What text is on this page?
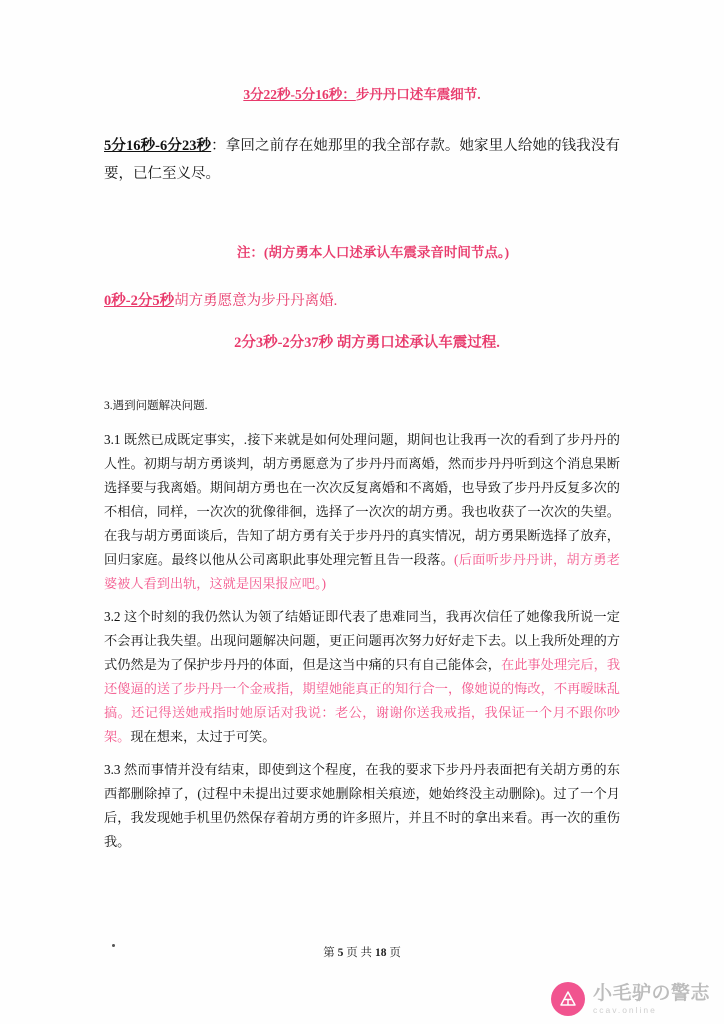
3分22秒-5分16秒：步丹丹口述车震细节.

5分16秒-6分23秒：拿回之前存在她那里的我全部存款。她家里人给她的钱我没有要，已仁至义尽。

注：(胡方勇本人口述承认车震录音时间节点。)

0秒-2分5秒胡方勇愿意为步丹丹离婚.

2分3秒-2分37秒 胡方勇口述承认车震过程.

3.遇到问题解决问题.

3.1 既然已成既定事实，.接下来就是如何处理问题，期间也让我再一次的看到了步丹丹的人性。初期与胡方勇谈判，胡方勇愿意为了步丹丹而离婚，然而步丹丹听到这个消息果断选择要与我离婚。期间胡方勇也在一次次反复离婚和不离婚，也导致了步丹丹反复多次的不相信，同样，一次次的犹像徘徊，选择了一次次的胡方勇。我也收获了一次次的失望。在我与胡方勇面谈后，告知了胡方勇有关于步丹丹的真实情况，胡方勇果断选择了放弃，回归家庭。最终以他从公司离职此事处理完暂且告一段落。(后面听步丹丹讲，胡方勇老婆被人看到出轨，这就是因果报应吧。)

3.2 这个时刻的我仍然认为领了结婚证即代表了患难同当，我再次信任了她像我所说一定不会再让我失望。出现问题解决问题，更正问题再次努力好好走下去。以上我所处理的方式仍然是为了保护步丹丹的体面，但是这当中痛的只有自己能体会，在此事处理完后，我还傻逼的送了步丹丹一个金戒指，期望她能真正的知行合一，像她说的悔改，不再暧昧乱搞。还记得送她戒指时她原话对我说：老公，谢谢你送我戒指，我保证一个月不跟你吵架。现在想来，太过于可笑。

3.3 然而事情并没有结束，即使到这个程度，在我的要求下步丹丹表面把有关胡方勇的东西都删除掉了，(过程中未提出过要求她删除相关痕迹，她始终没主动删除)。过了一个月后，我发现她手机里仍然保存着胡方勇的许多照片，并且不时的拿出来看。再一次的重伤我。

第 5 页 共 18 页
小毛驴の警志
ccav.online
